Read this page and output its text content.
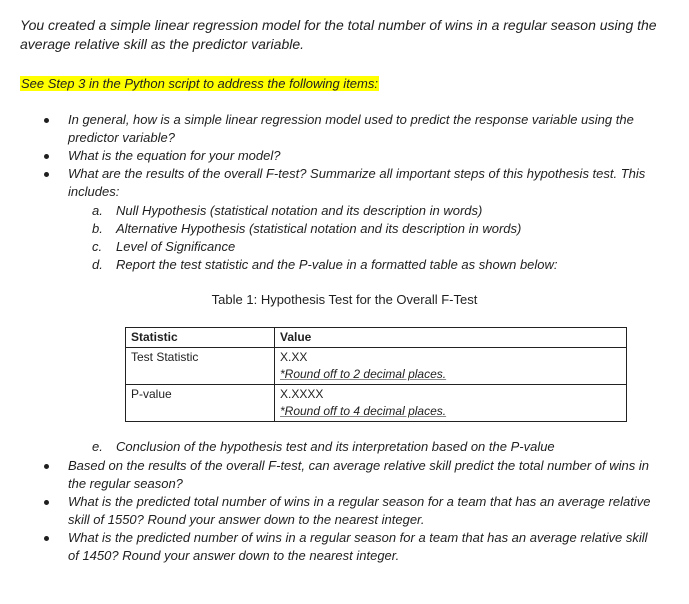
You created a simple linear regression model for the total number of wins in a regular season using the average relative skill as the predictor variable.
See Step 3 in the Python script to address the following items:
In general, how is a simple linear regression model used to predict the response variable using the predictor variable?
What is the equation for your model?
What are the results of the overall F-test? Summarize all important steps of this hypothesis test. This includes:
a. Null Hypothesis (statistical notation and its description in words)
b. Alternative Hypothesis (statistical notation and its description in words)
c. Level of Significance
d. Report the test statistic and the P-value in a formatted table as shown below:
Table 1: Hypothesis Test for the Overall F-Test
Statistic	Value
Test Statistic	X.XX
*Round off to 2 decimal places.

P-value	X.XXXX
*Round off to 4 decimal places.
e. Conclusion of the hypothesis test and its interpretation based on the P-value
Based on the results of the overall F-test, can average relative skill predict the total number of wins in the regular season?
What is the predicted total number of wins in a regular season for a team that has an average relative skill of 1550? Round your answer down to the nearest integer.
What is the predicted number of wins in a regular season for a team that has an average relative skill of 1450? Round your answer down to the nearest integer.
